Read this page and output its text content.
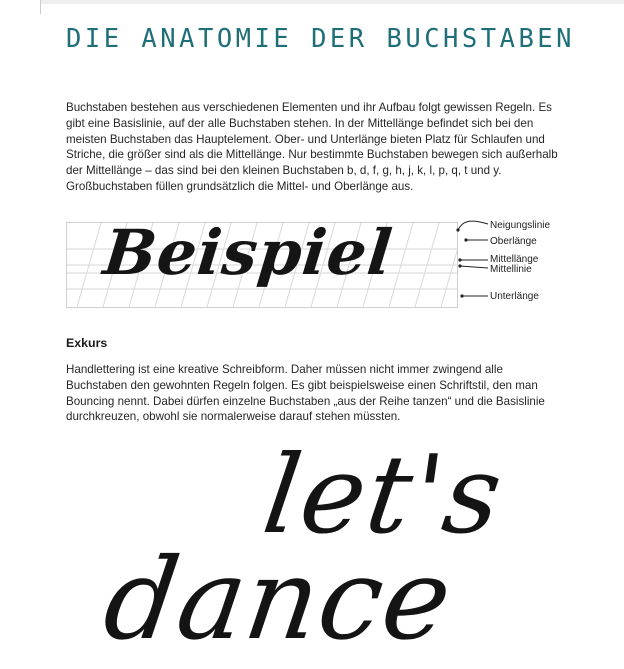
DIE ANATOMIE DER BUCHSTABEN

Buchstaben bestehen aus verschiedenen Elementen und ihr Aufbau folgt gewissen Regeln. Es gibt eine Basislinie, auf der alle Buchstaben stehen. In der Mittellänge befindet sich bei den meisten Buchstaben das Hauptelement. Ober- und Unterlänge bieten Platz für Schlaufen und Striche, die größer sind als die Mittellänge. Nur bestimmte Buchstaben bewegen sich außerhalb der Mittellänge – das sind bei den kleinen Buchstaben b, d, f, g, h, j, k, l, p, q, t und y. Großbuchstaben füllen grundsätzlich die Mittel- und Oberlänge aus.

Beispiel	Neigungslinie
Oberlänge
Mittellänge
Mittellinie
Unterlänge
Exkurs

Handlettering ist eine kreative Schreibform. Daher müssen nicht immer zwingend alle Buchstaben den gewohnten Regeln folgen. Es gibt beispielsweise einen Schriftstil, den man Bouncing nennt. Dabei dürfen einzelne Buchstaben „aus der Reihe tanzen“ und die Basislinie durchkreuzen, obwohl sie normalerweise darauf stehen müssten.

let's
dance
